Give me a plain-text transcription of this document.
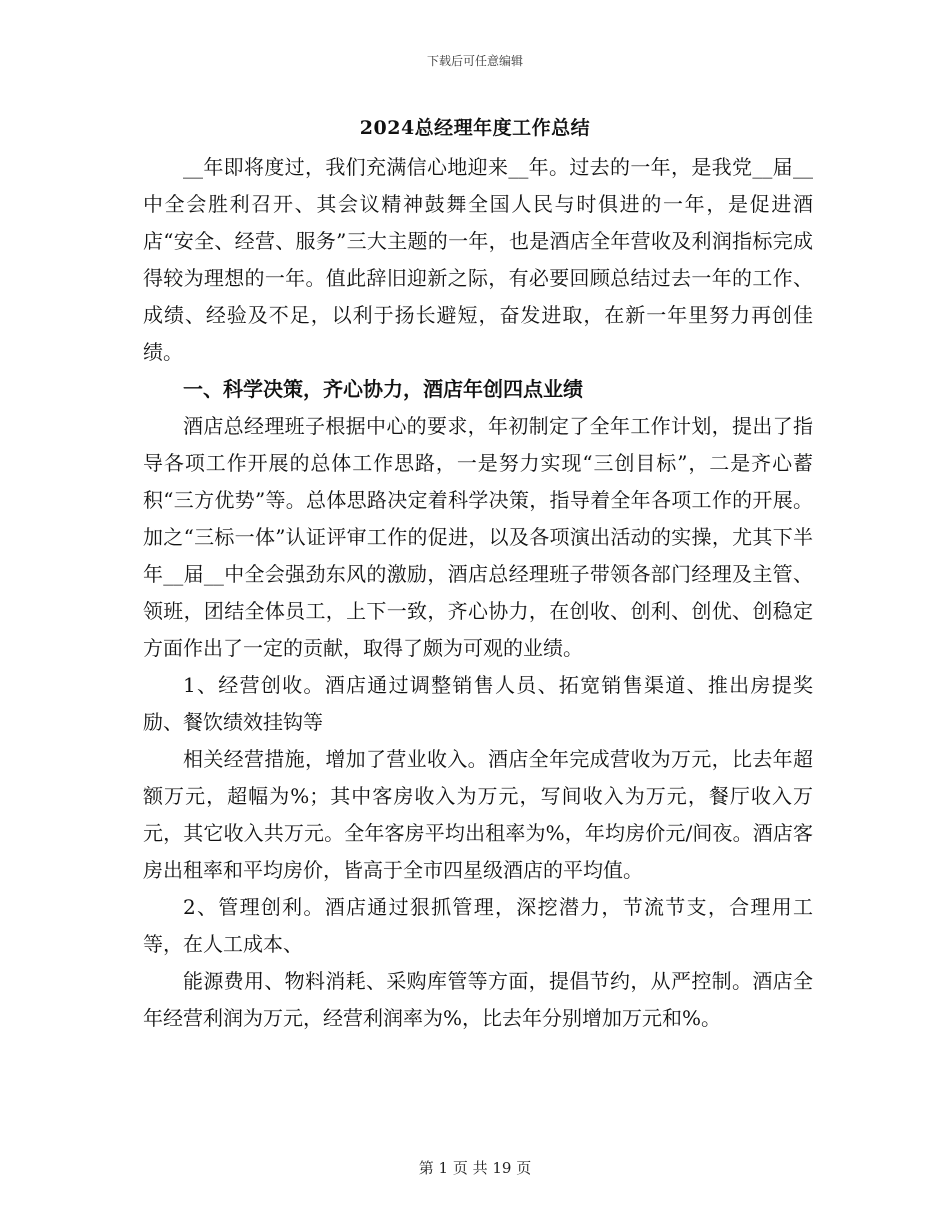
下载后可任意编辑
2024总经理年度工作总结

__年即将度过，我们充满信心地迎来__年。过去的一年，是我党__届__中全会胜利召开、其会议精神鼓舞全国人民与时俱进的一年，是促进酒店“安全、经营、服务”三大主题的一年，也是酒店全年营收及利润指标完成得较为理想的一年。值此辞旧迎新之际，有必要回顾总结过去一年的工作、成绩、经验及不足，以利于扬长避短，奋发进取，在新一年里努力再创佳绩。

一、科学决策，齐心协力，酒店年创四点业绩

酒店总经理班子根据中心的要求，年初制定了全年工作计划，提出了指导各项工作开展的总体工作思路，一是努力实现“三创目标”，二是齐心蓄积“三方优势”等。总体思路决定着科学决策，指导着全年各项工作的开展。加之“三标一体”认证评审工作的促进，以及各项演出活动的实操，尤其下半年__届__中全会强劲东风的激励，酒店总经理班子带领各部门经理及主管、领班，团结全体员工，上下一致，齐心协力，在创收、创利、创优、创稳定方面作出了一定的贡献，取得了颇为可观的业绩。

1、经营创收。酒店通过调整销售人员、拓宽销售渠道、推出房提奖励、餐饮绩效挂钩等

相关经营措施，增加了营业收入。酒店全年完成营收为万元，比去年超额万元，超幅为%；其中客房收入为万元，写间收入为万元，餐厅收入万元，其它收入共万元。全年客房平均出租率为%，年均房价元/间夜。酒店客房出租率和平均房价，皆高于全市四星级酒店的平均值。

2、管理创利。酒店通过狠抓管理，深挖潜力，节流节支，合理用工等，在人工成本、

能源费用、物料消耗、采购库管等方面，提倡节约，从严控制。酒店全年经营利润为万元，经营利润率为%，比去年分别增加万元和%。

第 1 页 共 19 页
